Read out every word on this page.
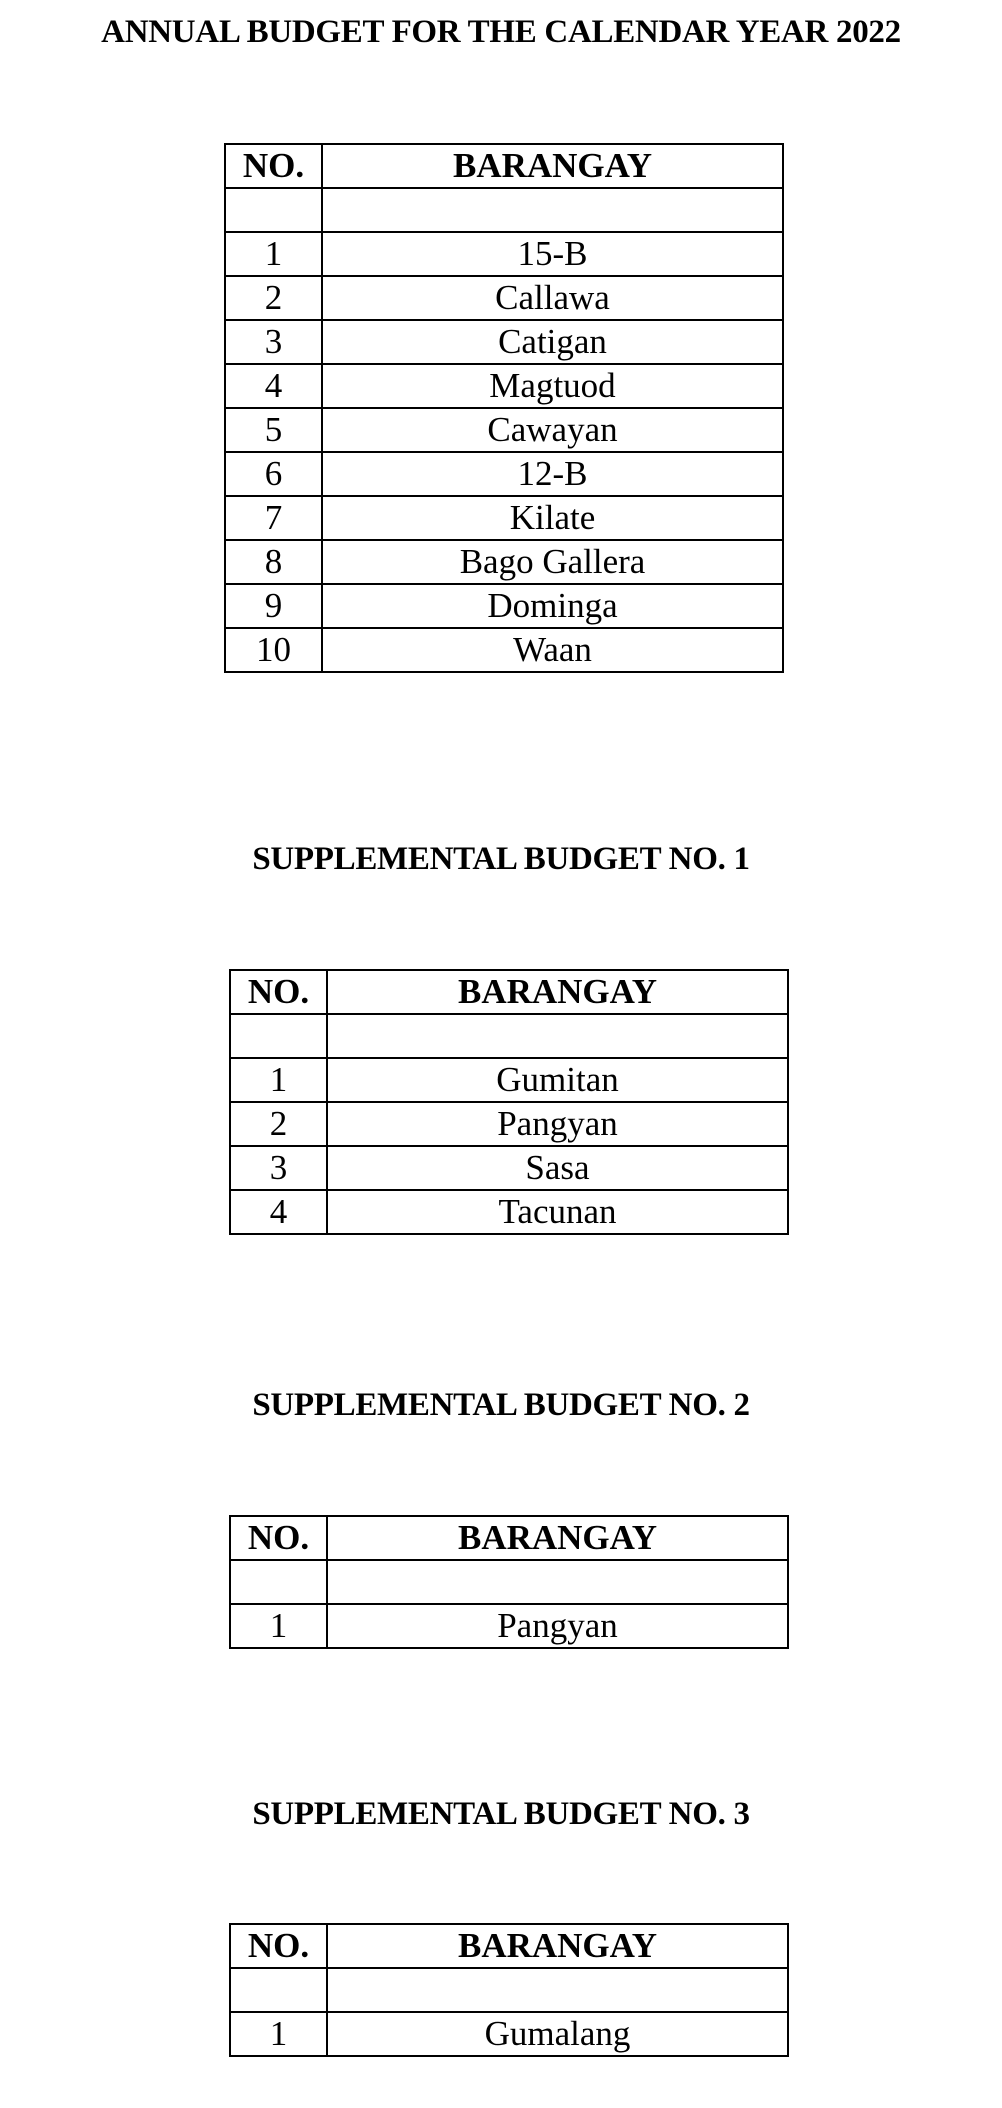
ANNUAL BUDGET FOR THE CALENDAR YEAR 2022
NO.	BARANGAY

1	15-B
2	Callawa
3	Catigan
4	Magtuod
5	Cawayan
6	12-B
7	Kilate
8	Bago Gallera
9	Dominga
10	Waan
SUPPLEMENTAL BUDGET NO. 1
NO.	BARANGAY

1	Gumitan
2	Pangyan
3	Sasa
4	Tacunan
SUPPLEMENTAL BUDGET NO. 2
NO.	BARANGAY

1	Pangyan
SUPPLEMENTAL BUDGET NO. 3
NO.	BARANGAY

1	Gumalang
